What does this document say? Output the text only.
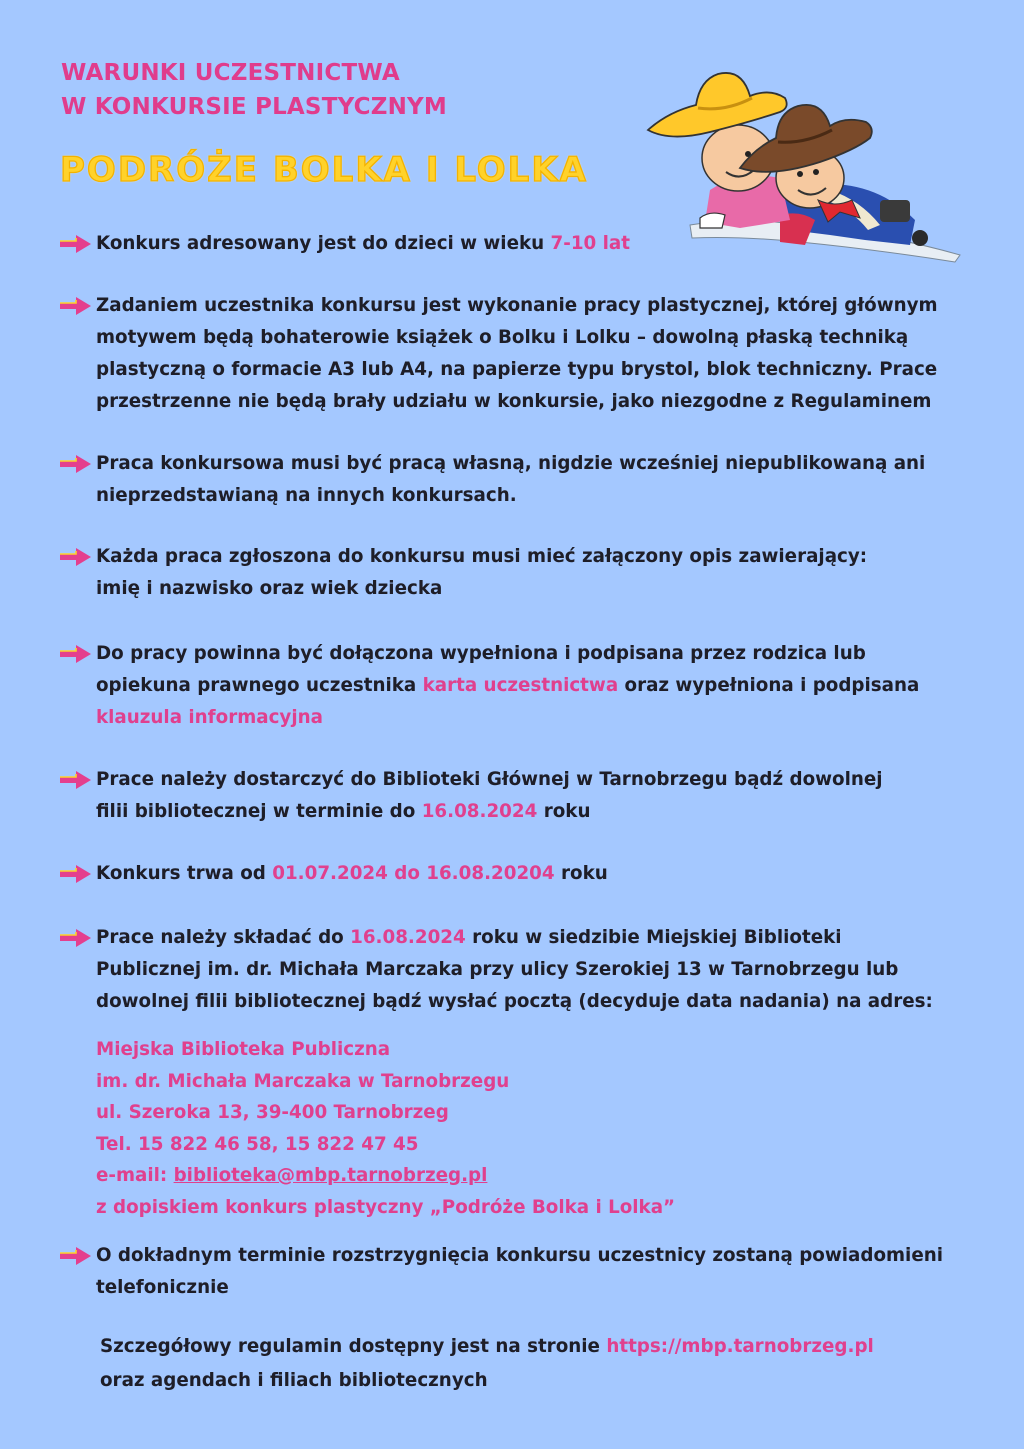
WARUNKI UCZESTNICTWA
W KONKURSIE PLASTYCZNYM
PODRÓŻE BOLKA I LOLKA
Konkurs adresowany jest do dzieci w wieku 7-10 lat
Zadaniem uczestnika konkursu jest wykonanie pracy plastycznej, której głównym
motywem będą bohaterowie książek o Bolku i Lolku – dowolną płaską techniką
plastyczną o formacie A3 lub A4, na papierze typu brystol, blok techniczny. Prace
przestrzenne nie będą brały udziału w konkursie, jako niezgodne z Regulaminem
Praca konkursowa musi być pracą własną, nigdzie wcześniej niepublikowaną ani
nieprzedstawianą na innych konkursach.
Każda praca zgłoszona do konkursu musi mieć załączony opis zawierający:
imię i nazwisko oraz wiek dziecka
Do pracy powinna być dołączona wypełniona i podpisana przez rodzica lub
opiekuna prawnego uczestnika karta uczestnictwa oraz wypełniona i podpisana
klauzula informacyjna
Prace należy dostarczyć do Biblioteki Głównej w Tarnobrzegu bądź dowolnej
filii bibliotecznej w terminie do 16.08.2024 roku
Konkurs trwa od 01.07.2024 do 16.08.20204 roku
Prace należy składać do 16.08.2024 roku w siedzibie Miejskiej Biblioteki
Publicznej im. dr. Michała Marczaka przy ulicy Szerokiej 13 w Tarnobrzegu lub
dowolnej filii bibliotecznej bądź wysłać pocztą (decyduje data nadania) na adres:
Miejska Biblioteka Publiczna
im. dr. Michała Marczaka w Tarnobrzegu
ul. Szeroka 13, 39-400 Tarnobrzeg
Tel. 15 822 46 58, 15 822 47 45
e-mail: biblioteka@mbp.tarnobrzeg.pl
z dopiskiem konkurs plastyczny „Podróże Bolka i Lolka”
O dokładnym terminie rozstrzygnięcia konkursu uczestnicy zostaną powiadomieni
telefonicznie
Szczegółowy regulamin dostępny jest na stronie https://mbp.tarnobrzeg.pl
oraz agendach i filiach bibliotecznych
